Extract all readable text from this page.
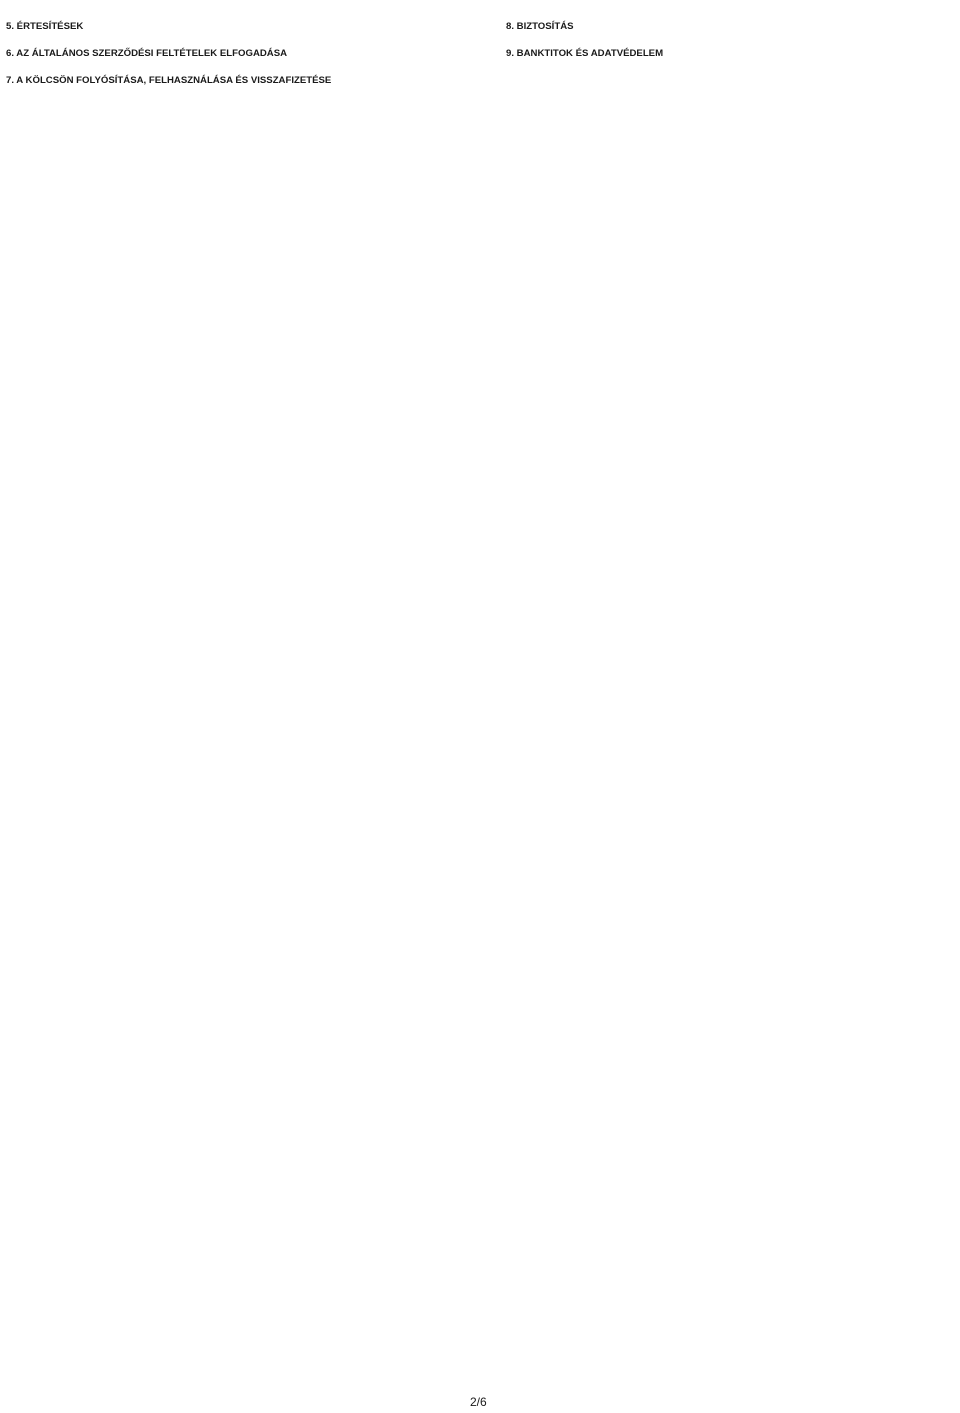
5. ÉRTESÍTÉSEK
6. AZ ÁLTALÁNOS SZERZŐDÉSI FELTÉTELEK ELFOGADÁSA
7. A KÖLCSÖN FOLYÓSÍTÁSA, FELHASZNÁLÁSA ÉS VISSZAFIZETÉSE
8. BIZTOSÍTÁS
9. BANKTITOK ÉS ADATVÉDELEM
2/6
